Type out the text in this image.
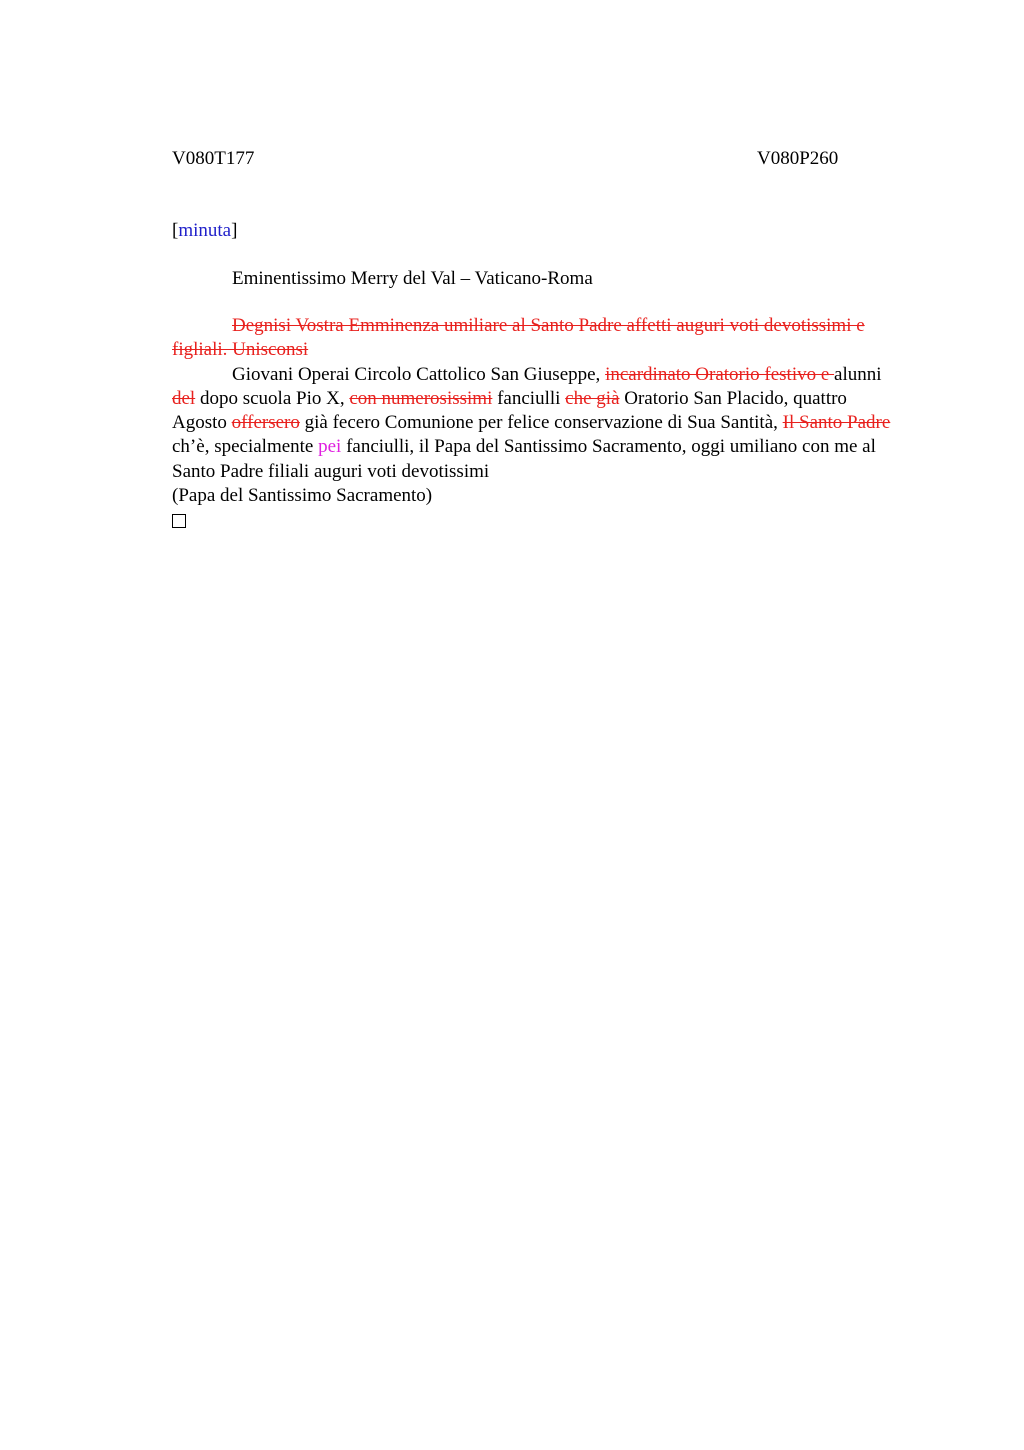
V080T177	V080P260
[minuta]
Eminentissimo Merry del Val – Vaticano-Roma

Degnisi Vostra Emminenza umiliare al Santo Padre affetti auguri voti devotissimi e figliali. Unisconsi

Giovani Operai Circolo Cattolico San Giuseppe, incardinato Oratorio festivo e alunni del dopo scuola Pio X, con numerosissimi fanciulli che già Oratorio San Placido, quattro Agosto offersero già fecero Comunione per felice conservazione di Sua Santità, Il Santo Padre ch’è, specialmente pei fanciulli, il Papa del Santissimo Sacramento, oggi umiliano con me al Santo Padre filiali auguri voti devotissimi

(Papa del Santissimo Sacramento)
